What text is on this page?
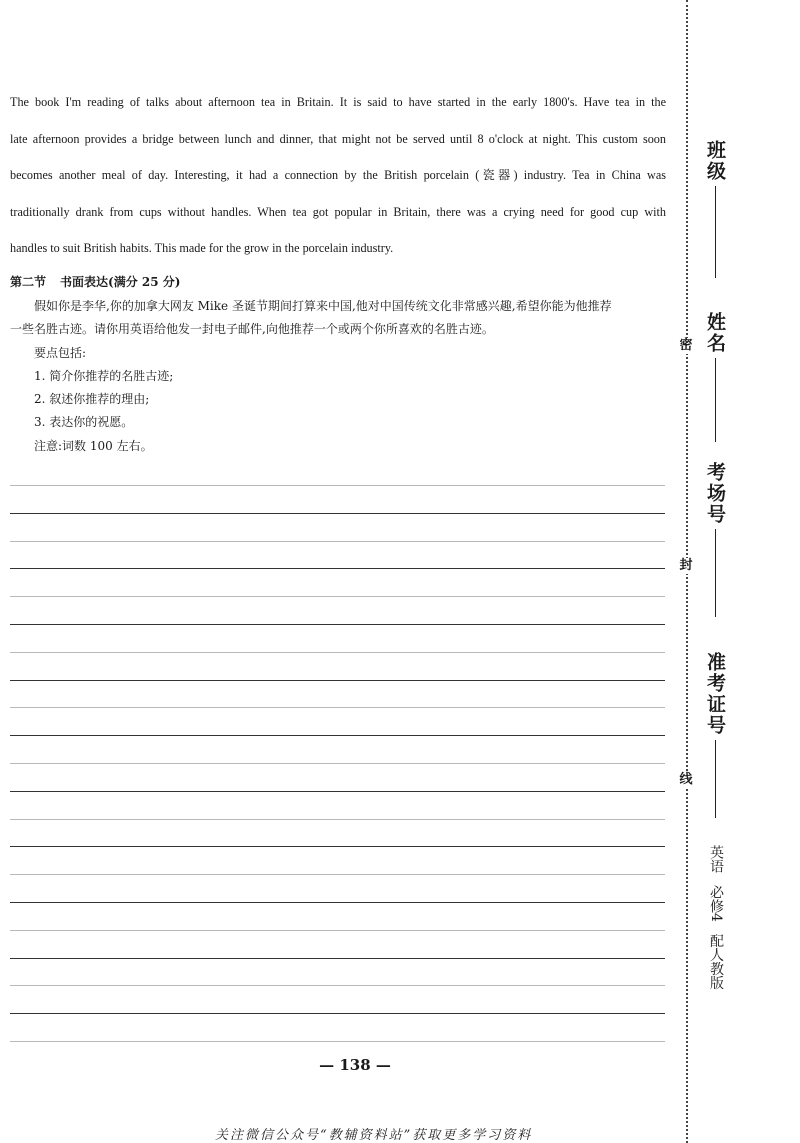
The book I'm reading of talks about afternoon tea in Britain. It is said to have started in the early 1800's. Have tea in the

late afternoon provides a bridge between lunch and dinner, that might not be served until 8 o'clock at night. This custom soon

becomes another meal of day. Interesting, it had a connection by the British porcelain (瓷器) industry. Tea in China was

traditionally drank from cups without handles. When tea got popular in Britain, there was a crying need for good cup with

handles to suit British habits. This made for the grow in the porcelain industry.

第二节 书面表达(满分 25 分)
假如你是李华,你的加拿大网友 Mike 圣诞节期间打算来中国,他对中国传统文化非常感兴趣,希望你能为他推荐
一些名胜古迹。请你用英语给他发一封电子邮件,向他推荐一个或两个你所喜欢的名胜古迹。
要点包括:
1. 简介你推荐的名胜古迹;
2. 叙述你推荐的理由;
3. 表达你的祝愿。
注意:词数 100 左右。
— 138 —
关注微信公众号“教辅资料站”获取更多学习资料
密
封
线
班级
姓名
考场号
准考证号
英语必修4配人教版
